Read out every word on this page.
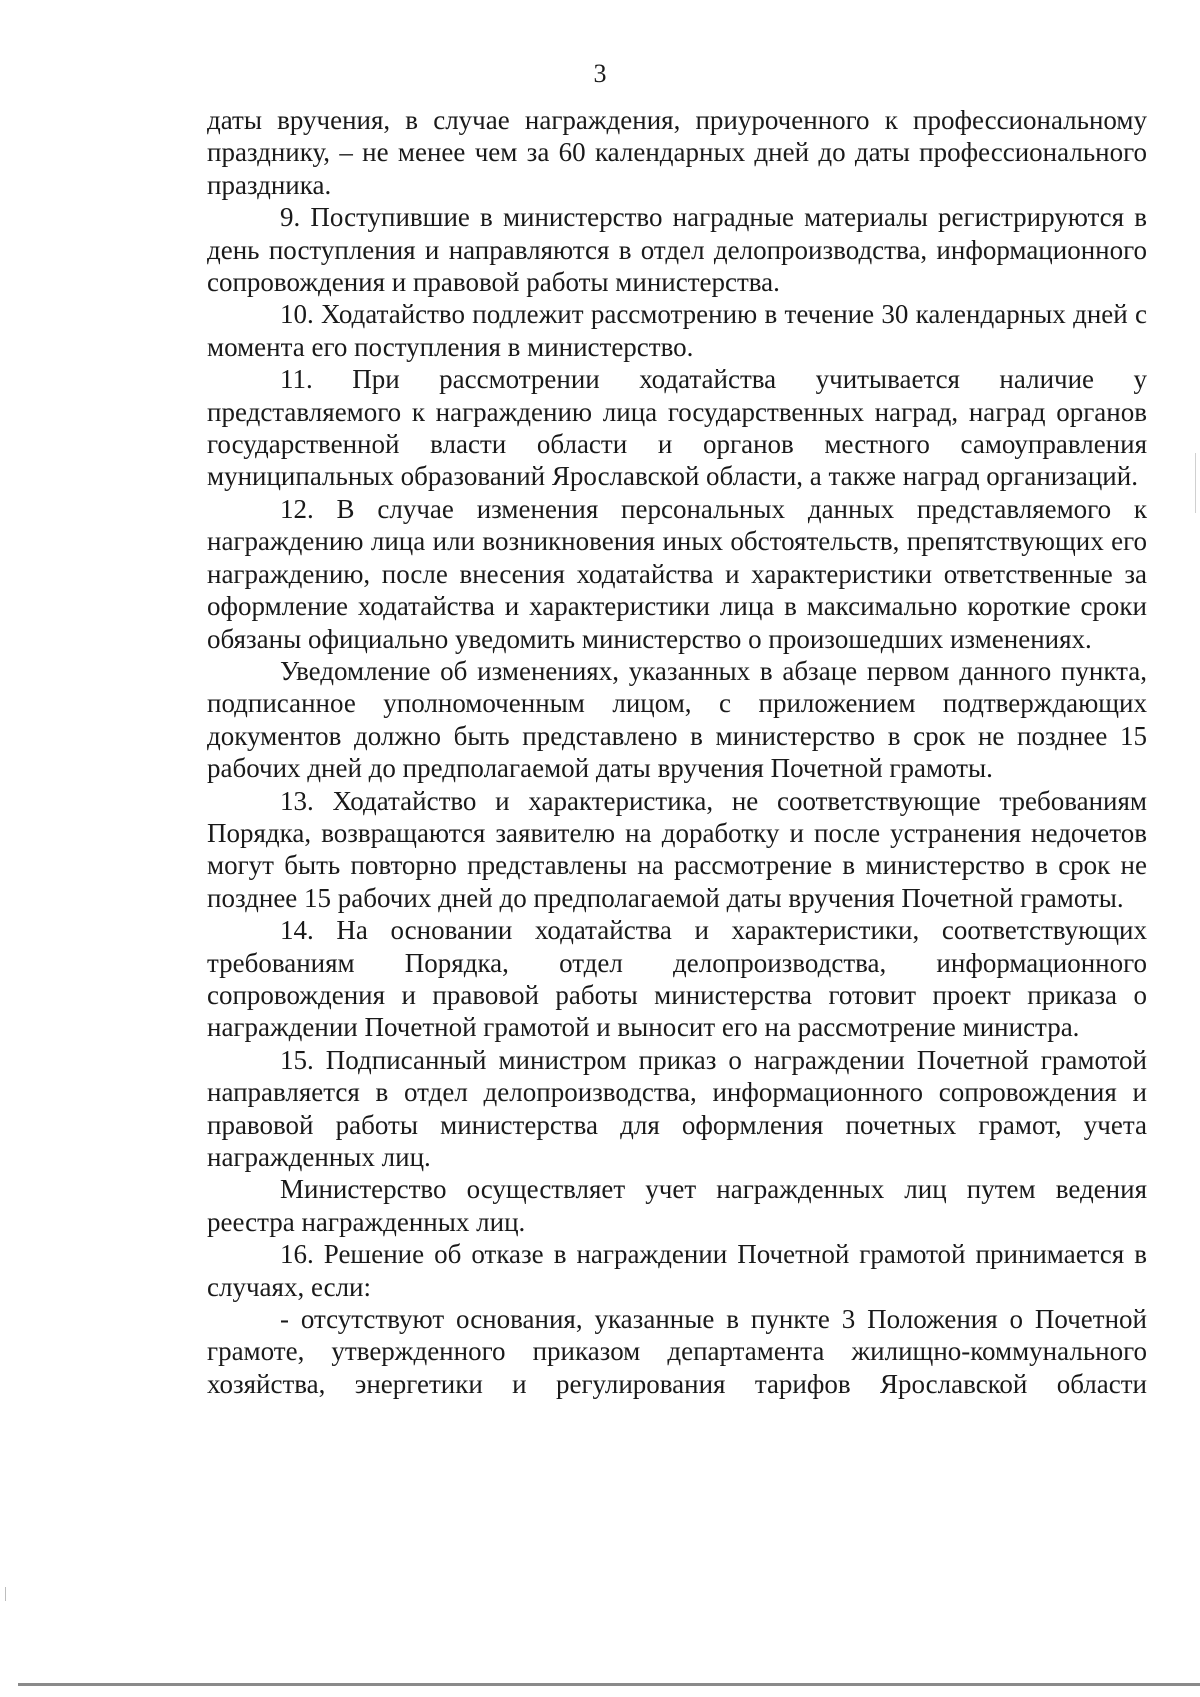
3

даты вручения, в случае награждения, приуроченного к профессиональному празднику, – не менее чем за 60 календарных дней до даты профессионального праздника.

9. Поступившие в министерство наградные материалы регистрируются в день поступления и направляются в отдел делопроизводства, информационного сопровождения и правовой работы министерства.

10. Ходатайство подлежит рассмотрению в течение 30 календарных дней с момента его поступления в министерство.

11. При рассмотрении ходатайства учитывается наличие у представляемого к награждению лица государственных наград, наград органов государственной власти области и органов местного самоуправления муниципальных образований Ярославской области, а также наград организаций.

12. В случае изменения персональных данных представляемого к награждению лица или возникновения иных обстоятельств, препятствующих его награждению, после внесения ходатайства и характеристики ответственные за оформление ходатайства и характеристики лица в максимально короткие сроки обязаны официально уведомить министерство о произошедших изменениях.

Уведомление об изменениях, указанных в абзаце первом данного пункта, подписанное уполномоченным лицом, с приложением подтверждающих документов должно быть представлено в министерство в срок не позднее 15 рабочих дней до предполагаемой даты вручения Почетной грамоты.

13. Ходатайство и характеристика, не соответствующие требованиям Порядка, возвращаются заявителю на доработку и после устранения недочетов могут быть повторно представлены на рассмотрение в министерство в срок не позднее 15 рабочих дней до предполагаемой даты вручения Почетной грамоты.

14. На основании ходатайства и характеристики, соответствующих требованиям Порядка, отдел делопроизводства, информационного сопровождения и правовой работы министерства готовит проект приказа о награждении Почетной грамотой и выносит его на рассмотрение министра.

15. Подписанный министром приказ о награждении Почетной грамотой направляется в отдел делопроизводства, информационного сопровождения и правовой работы министерства для оформления почетных грамот, учета награжденных лиц.

Министерство осуществляет учет награжденных лиц путем ведения реестра награжденных лиц.

16. Решение об отказе в награждении Почетной грамотой принимается в случаях, если:

- отсутствуют основания, указанные в пункте 3 Положения о Почетной грамоте, утвержденного приказом департамента жилищно-коммунального хозяйства, энергетики и регулирования тарифов Ярославской области
